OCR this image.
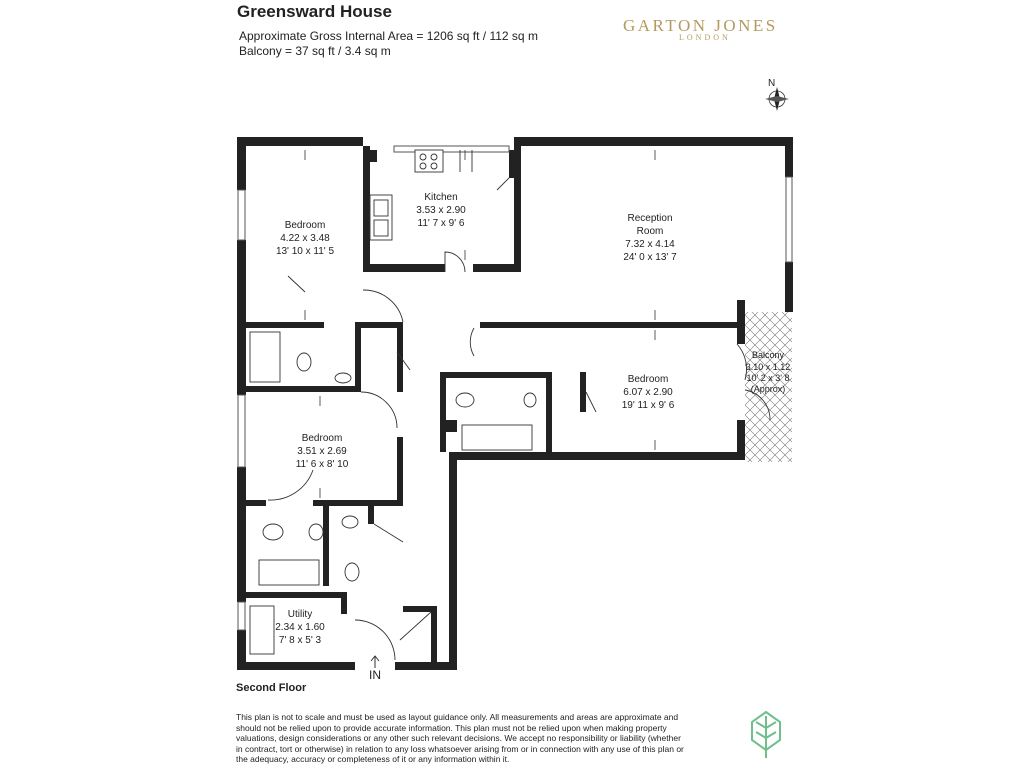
Greensward House
Approximate Gross Internal Area = 1206 sq ft / 112 sq m
Balcony = 37 sq ft / 3.4 sq m
GARTON JONES
LONDON
N
Bedroom
4.22 x 3.48
13' 10 x 11' 5
Kitchen
3.53 x 2.90
11' 7 x 9' 6	Reception
Room
7.32 x 4.14
24' 0 x 13' 7
Bedroom
6.07 x 2.90
19' 11 x 9' 6
Balcony
3.10 x 1.12
10' 2 x 3' 8
(Approx)
Bedroom
3.51 x 2.69
11' 6 x 8' 10
Utility
2.34 x 1.60
7' 8 x 5' 3
IN
Second Floor
This plan is not to scale and must be used as layout guidance only. All measurements and areas are approximate and should not be relied upon to provide accurate information. This plan must not be relied upon when making property valuations, design considerations or any other such relevant decisions. We accept no responsibility or liability (whether in contract, tort or otherwise) in relation to any loss whatsoever arising from or in connection with any use of this plan or the adequacy, accuracy or completeness of it or any information within it.
